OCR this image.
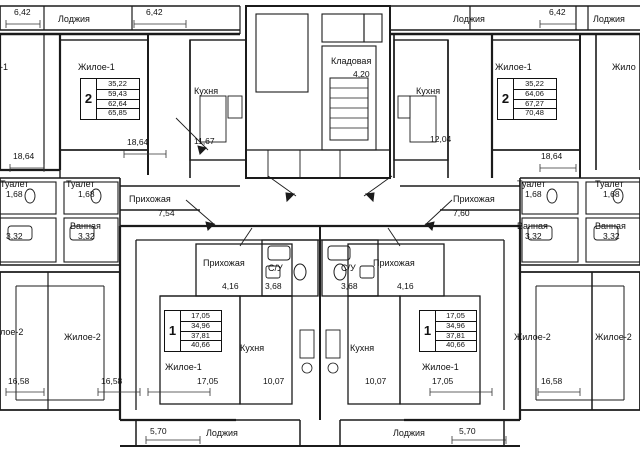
Лоджия	Лоджия	Лоджия
6,42	6,42	6,42
Жилое-1	Жилое-1	Жило
-1
Кухня	Кухня
Кладовая
4,20
2
35,22
59,43
62,64
65,85
2
35,22
64,06
67,27
70,48
1
17,05
34,96
37,81
40,66
1
17,05
34,96
37,81
40,66
18,64
18,64	11,67	12,04
18,64
Туалет	Туалет	Туалет	Туалет
1,68	1,68	1,68	1,68
Ванная	Ванная	Ванная
3,32	3,32	3,32	3,32
Прихожая	Прихожая
7,54	7,60
Прихожая	Прихожая
С/У	С/У
4,16	3,68	3,68	4,16
Жилое-2
лое-2	Жилое-2	Жилое-2
Кухня	Кухня
Жилое-1	Жилое-1
17,05	10,07	10,07	17,05
16,58	16,58	16,58
Лоджия	Лоджия
5,70	5,70
